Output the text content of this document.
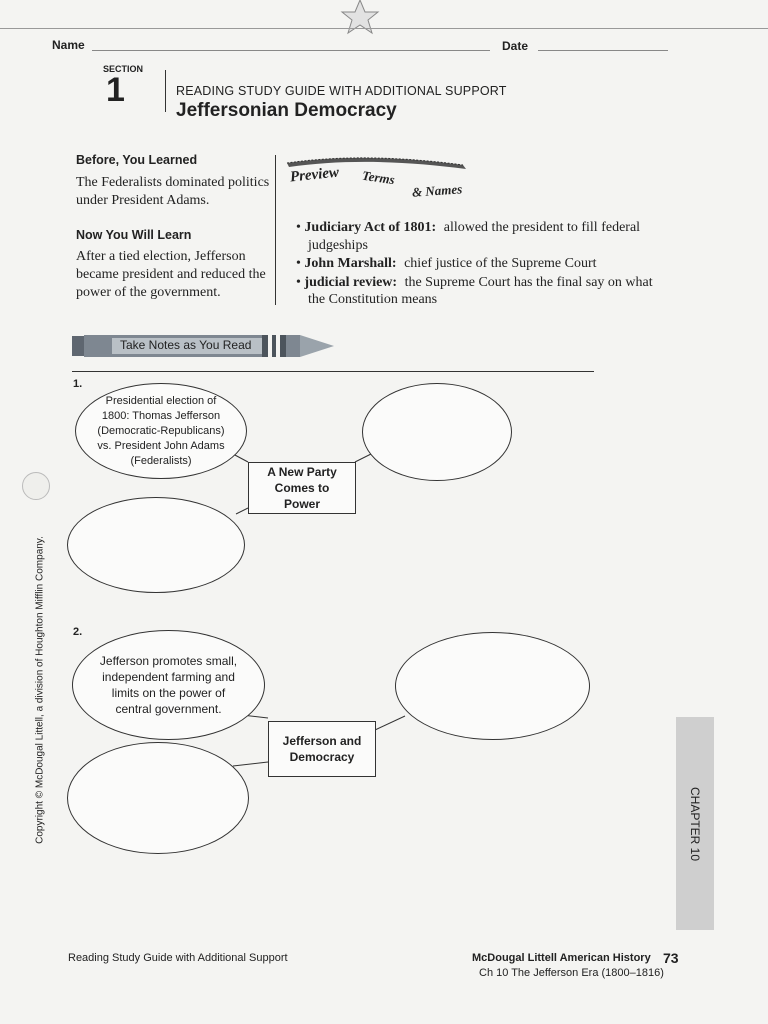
Name	Date
SECTION
1	READING STUDY GUIDE WITH ADDITIONAL SUPPORT
Jeffersonian Democracy
Before, You Learned
The Federalists dominated politics under President Adams.
Now You Will Learn
After a tied election, Jefferson became president and reduced the power of the government.
Preview Terms
& Names
• Judiciary Act of 1801: allowed the president to fill federal judgeships
• John Marshall: chief justice of the Supreme Court
• judicial review: the Supreme Court has the final say on what the Constitution means
Take Notes as You Read
1.
Presidential election of 1800: Thomas Jefferson (Democratic-Republicans) vs. President John Adams (Federalists)
A New Party Comes to Power
2.
Jefferson promotes small, independent farming and limits on the power of central government.
Jefferson and Democracy
Copyright © McDougal Littell, a division of Houghton Mifflin Company.	CHAPTER 10
Reading Study Guide with Additional Support	McDougal Littell American History 73
Ch 10 The Jefferson Era (1800–1816)
